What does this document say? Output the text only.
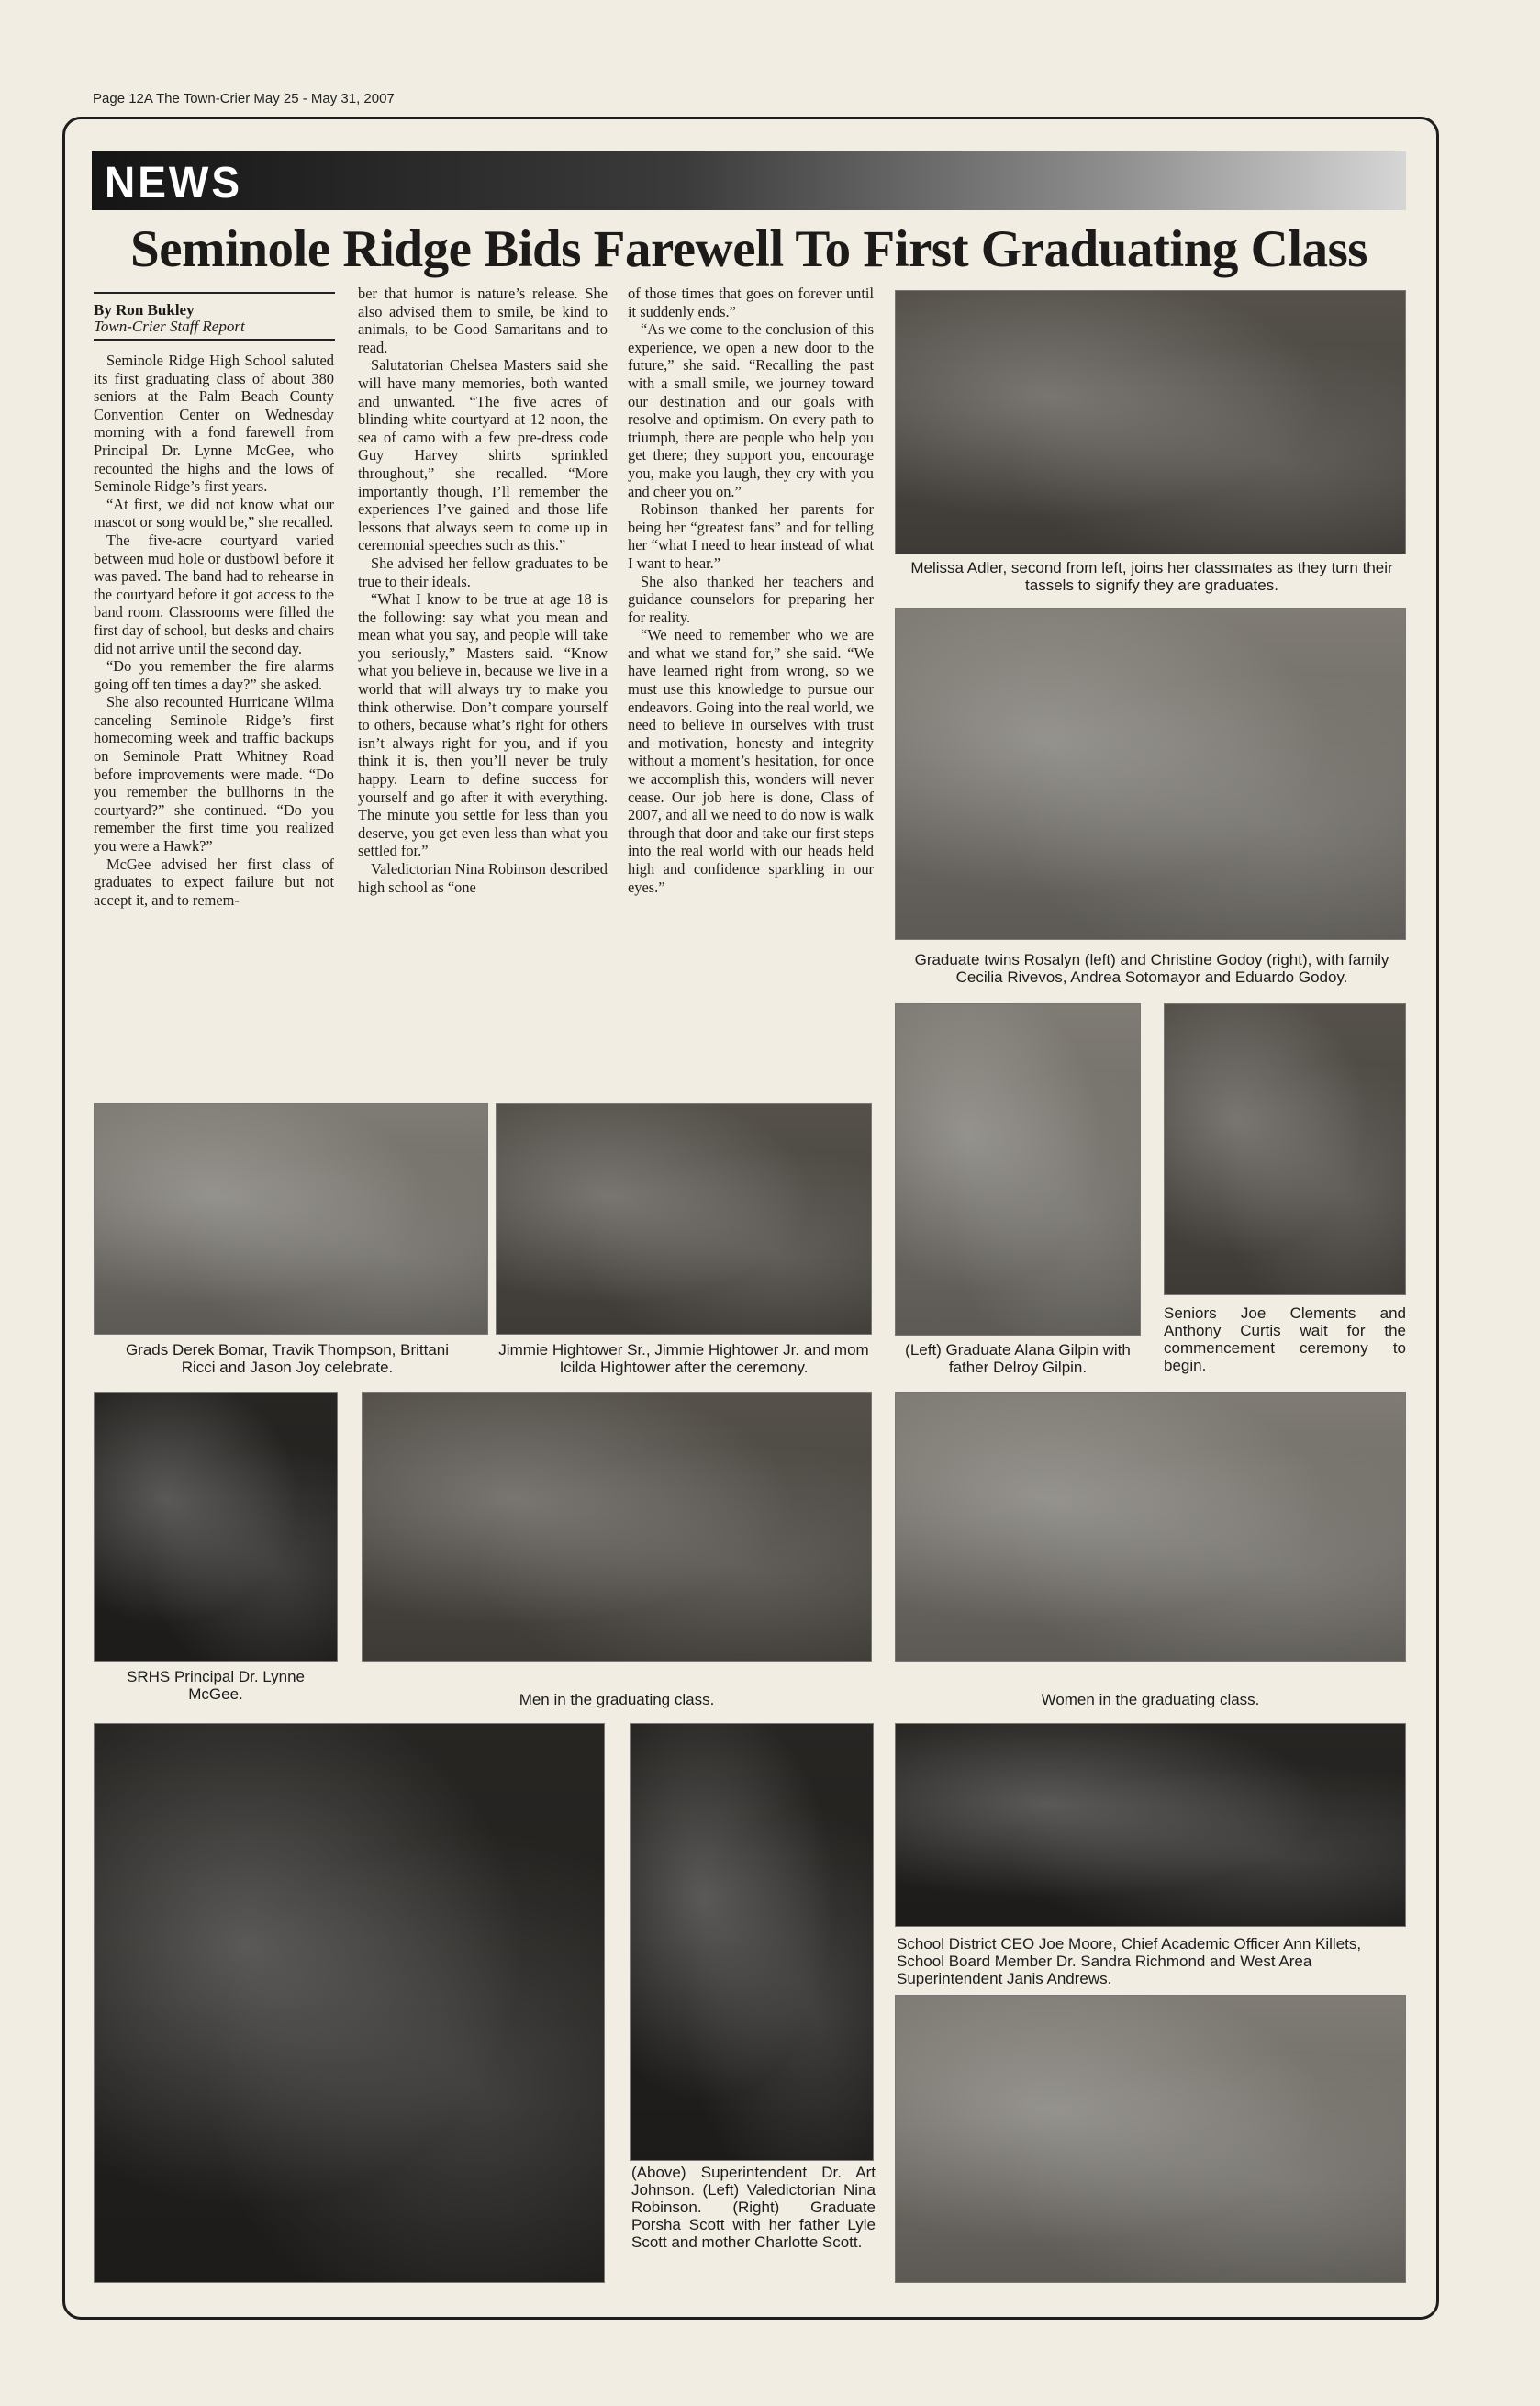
Page 12A The Town-Crier May 25 - May 31, 2007
NEWS
Seminole Ridge Bids Farewell To First Graduating Class
By Ron Bukley
Town-Crier Staff Report

Seminole Ridge High School saluted its first graduating class of about 380 seniors at the Palm Beach County Convention Center on Wednesday morning with a fond farewell from Principal Dr. Lynne McGee, who recounted the highs and the lows of Seminole Ridge’s first years.

“At first, we did not know what our mascot or song would be,” she recalled.

The five-acre courtyard varied between mud hole or dustbowl before it was paved. The band had to rehearse in the courtyard before it got access to the band room. Classrooms were filled the first day of school, but desks and chairs did not arrive until the second day.

“Do you remember the fire alarms going off ten times a day?” she asked.

She also recounted Hurricane Wilma canceling Seminole Ridge’s first homecoming week and traffic backups on Seminole Pratt Whitney Road before improvements were made. “Do you remember the bullhorns in the courtyard?” she continued. “Do you remember the first time you realized you were a Hawk?”

McGee advised her first class of graduates to expect failure but not accept it, and to remem-

ber that humor is nature’s release. She also advised them to smile, be kind to animals, to be Good Samaritans and to read.

Salutatorian Chelsea Masters said she will have many memories, both wanted and unwanted. “The five acres of blinding white courtyard at 12 noon, the sea of camo with a few pre-dress code Guy Harvey shirts sprinkled throughout,” she recalled. “More importantly though, I’ll remember the experiences I’ve gained and those life lessons that always seem to come up in ceremonial speeches such as this.”

She advised her fellow graduates to be true to their ideals.

“What I know to be true at age 18 is the following: say what you mean and mean what you say, and people will take you seriously,” Masters said. “Know what you believe in, because we live in a world that will always try to make you think otherwise. Don’t compare yourself to others, because what’s right for others isn’t always right for you, and if you think it is, then you’ll never be truly happy. Learn to define success for yourself and go after it with everything. The minute you settle for less than you deserve, you get even less than what you settled for.”

Valedictorian Nina Robinson described high school as “one

of those times that goes on forever until it suddenly ends.”

“As we come to the conclusion of this experience, we open a new door to the future,” she said. “Recalling the past with a small smile, we journey toward our destination and our goals with resolve and optimism. On every path to triumph, there are people who help you get there; they support you, encourage you, make you laugh, they cry with you and cheer you on.”

Robinson thanked her parents for being her “greatest fans” and for telling her “what I need to hear instead of what I want to hear.”

She also thanked her teachers and guidance counselors for preparing her for reality.

“We need to remember who we are and what we stand for,” she said. “We have learned right from wrong, so we must use this knowledge to pursue our endeavors. Going into the real world, we need to believe in ourselves with trust and motivation, honesty and integrity without a moment’s hesitation, for once we accomplish this, wonders will never cease. Our job here is done, Class of 2007, and all we need to do now is walk through that door and take our first steps into the real world with our heads held high and confidence sparkling in our eyes.”

Melissa Adler, second from left, joins her classmates as they turn their tassels to signify they are graduates.
Graduate twins Rosalyn (left) and Christine Godoy (right), with family Cecilia Rivevos, Andrea Sotomayor and Eduardo Godoy.
Grads Derek Bomar, Travik Thompson, Brittani Ricci and Jason Joy celebrate.
Jimmie Hightower Sr., Jimmie Hightower Jr. and mom Icilda Hightower after the ceremony.
(Left) Graduate Alana Gilpin with father Delroy Gilpin.
Seniors Joe Clements and Anthony Curtis wait for the commencement ceremony to begin.
SRHS Principal Dr. Lynne McGee.	Men in the graduating class.	Women in the graduating class.
(Above) Superintendent Dr. Art Johnson. (Left) Valedictorian Nina Robinson. (Right) Graduate Porsha Scott with her father Lyle Scott and mother Charlotte Scott.
School District CEO Joe Moore, Chief Academic Officer Ann Killets, School Board Member Dr. Sandra Richmond and West Area Superintendent Janis Andrews.
